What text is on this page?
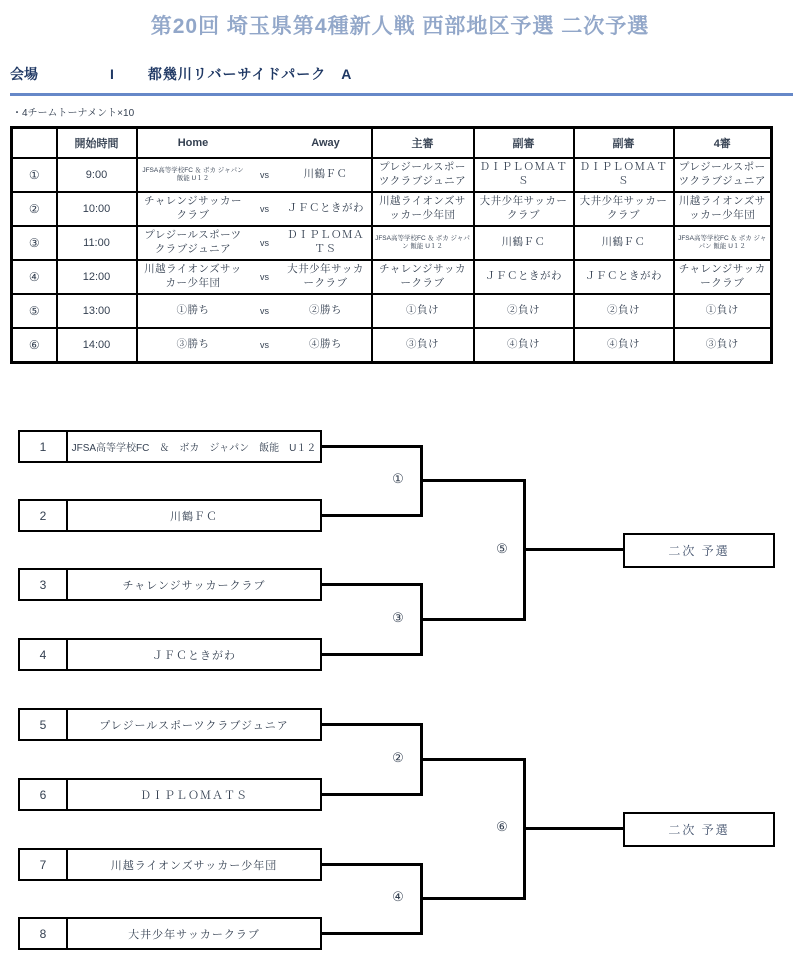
第20回 埼玉県第4種新人戦 西部地区予選 二次予選
会場	I 都幾川リバーサイドパーク　A
・4チームトーナメント×10
	開始時間	Home		Away	主審	副審	副審	4審
①	9:00	JFSA高等学校FC ＆ ボカ ジャパン 飯能 U１２	vs	川鶴ＦＣ	プレジールスポーツクラブジュニア	ＤＩＰＬＯＭＡＴＳ	ＤＩＰＬＯＭＡＴＳ	プレジールスポーツクラブジュニア
②	10:00	チャレンジサッカークラブ	vs	ＪＦＣときがわ	川越ライオンズサッカー少年団	大井少年サッカークラブ	大井少年サッカークラブ	川越ライオンズサッカー少年団
③	11:00	プレジールスポーツクラブジュニア	vs	ＤＩＰＬＯＭＡＴＳ	JFSA高等学校FC ＆ ボカ ジャパン 飯能 U１２	川鶴ＦＣ	川鶴ＦＣ	JFSA高等学校FC ＆ ボカ ジャパン 飯能 U１２
④	12:00	川越ライオンズサッカー少年団	vs	大井少年サッカークラブ	チャレンジサッカークラブ	ＪＦＣときがわ	ＪＦＣときがわ	チャレンジサッカークラブ
⑤	13:00	①勝ち	vs	②勝ち	①負け	②負け	②負け	①負け
⑥	14:00	③勝ち	vs	④勝ち	③負け	④負け	④負け	③負け
1	JFSA高等学校FC　＆　ボカ　ジャパン　飯能　U１２
2	川鶴ＦＣ
3	チャレンジサッカークラブ
4	ＪＦＣときがわ
①
③
⑤	二次 予選
5	プレジールスポーツクラブジュニア
6	ＤＩＰＬＯＭＡＴＳ
7	川越ライオンズサッカー少年団
8	大井少年サッカークラブ
②
④
⑥	二次 予選
